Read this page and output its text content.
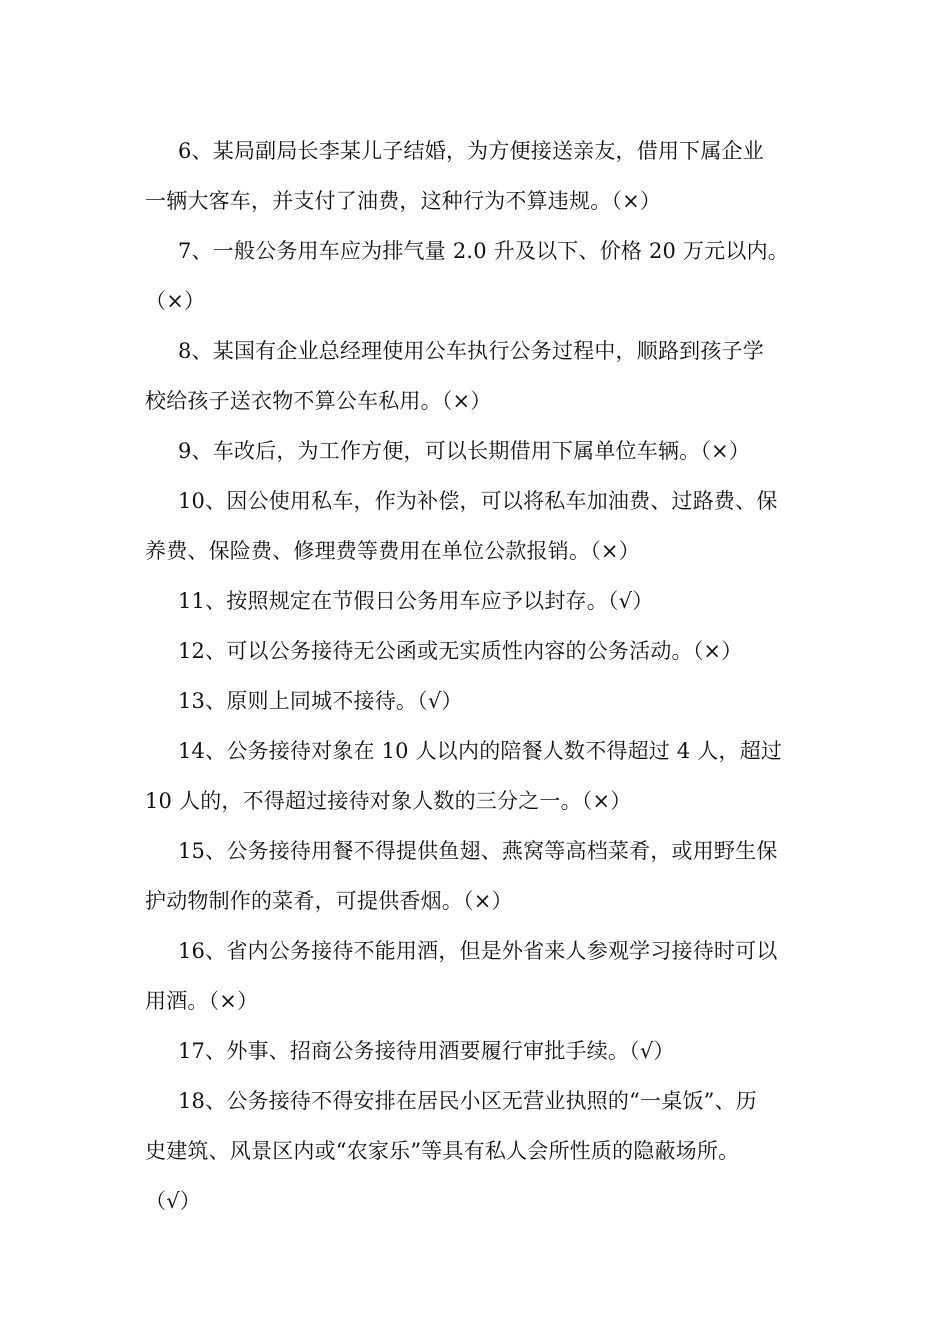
6、某局副局长李某儿子结婚，为方便接送亲友，借用下属企业
一辆大客车，并支付了油费，这种行为不算违规。（×）

7、一般公务用车应为排气量 2.0 升及以下、价格 20 万元以内。
（×）

8、某国有企业总经理使用公车执行公务过程中，顺路到孩子学
校给孩子送衣物不算公车私用。（×）

9、车改后，为工作方便，可以长期借用下属单位车辆。（×）

10、因公使用私车，作为补偿，可以将私车加油费、过路费、保
养费、保险费、修理费等费用在单位公款报销。（×）

11、按照规定在节假日公务用车应予以封存。（√）

12、可以公务接待无公函或无实质性内容的公务活动。（×）

13、原则上同城不接待。（√）

14、公务接待对象在 10 人以内的陪餐人数不得超过 4 人，超过
10 人的，不得超过接待对象人数的三分之一。（×）

15、公务接待用餐不得提供鱼翅、燕窝等高档菜肴，或用野生保
护动物制作的菜肴，可提供香烟。（×）

16、省内公务接待不能用酒，但是外省来人参观学习接待时可以
用酒。（×）

17、外事、招商公务接待用酒要履行审批手续。（√）

18、公务接待不得安排在居民小区无营业执照的“一桌饭”、历
史建筑、风景区内或“农家乐”等具有私人会所性质的隐蔽场所。
（√）
